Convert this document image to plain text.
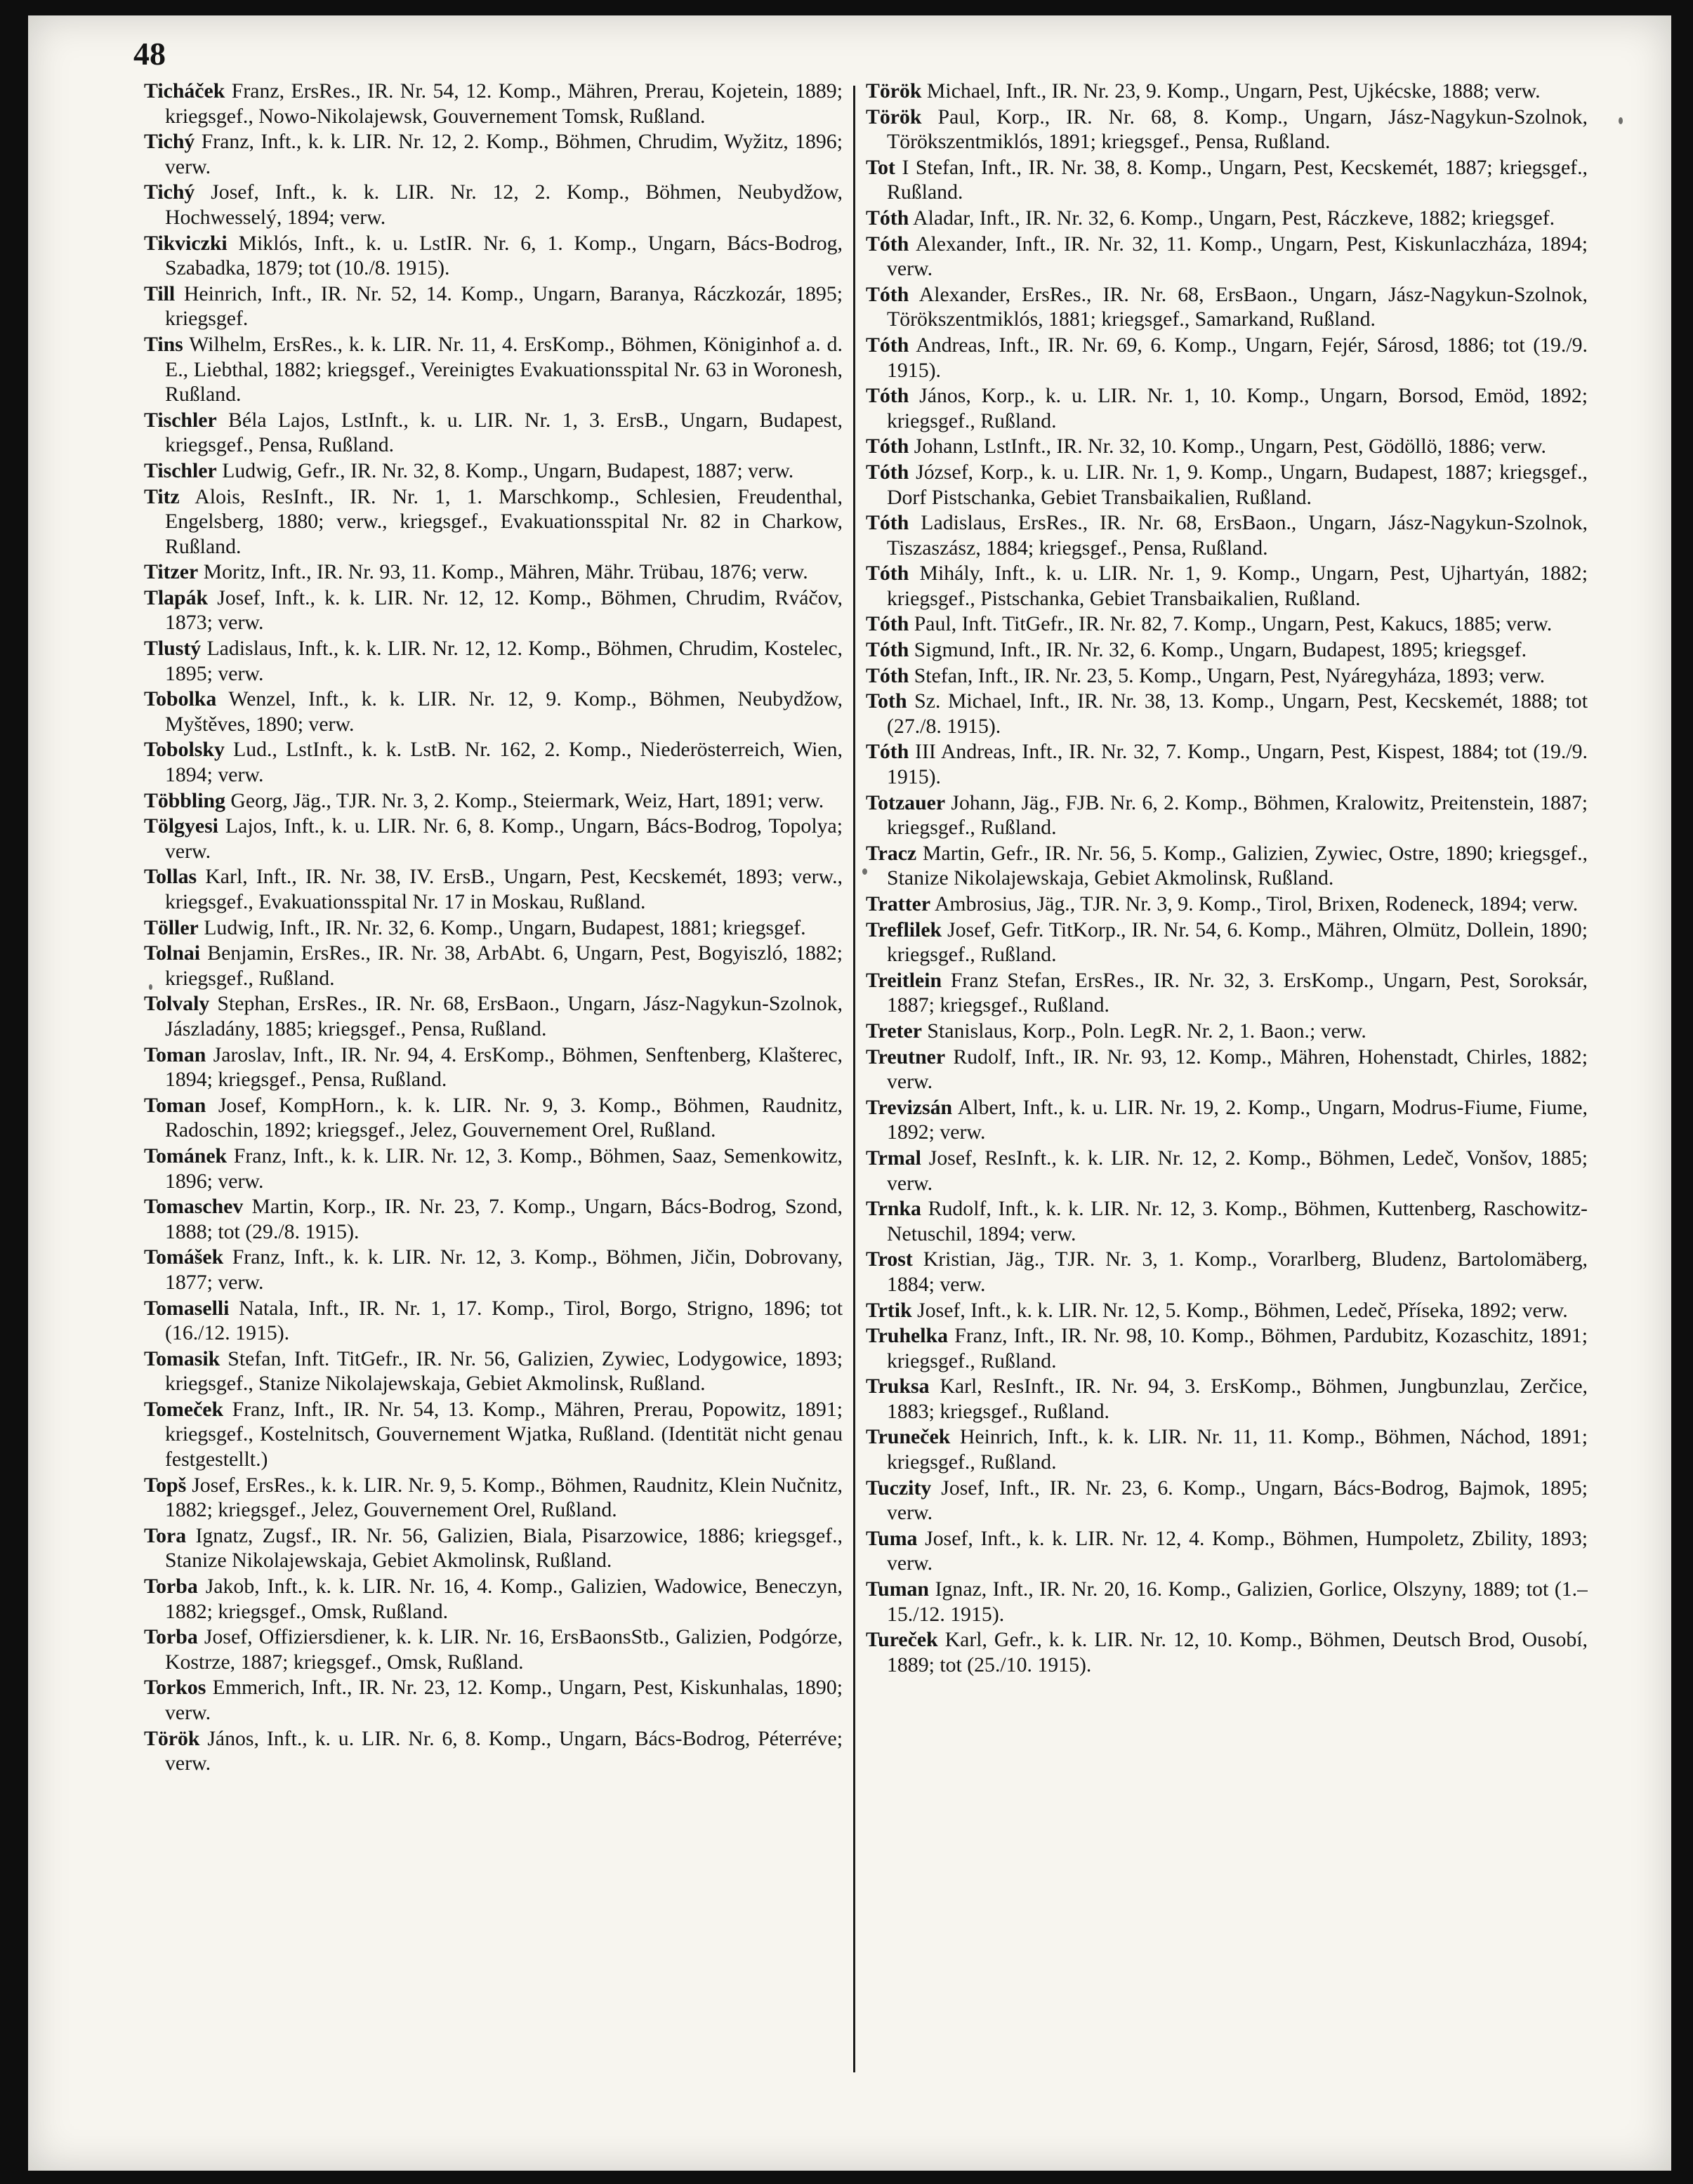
48

Ticháček Franz, ErsRes., IR. Nr. 54, 12. Komp., Mähren, Prerau, Kojetein, 1889; kriegsgef., Nowo-Nikolajewsk, Gouvernement Tomsk, Rußland.

Tichý Franz, Inft., k. k. LIR. Nr. 12, 2. Komp., Böhmen, Chrudim, Wyžitz, 1896; verw.

Tichý Josef, Inft., k. k. LIR. Nr. 12, 2. Komp., Böhmen, Neubydžow, Hochwesselý, 1894; verw.

Tikviczki Miklós, Inft., k. u. LstIR. Nr. 6, 1. Komp., Ungarn, Bács-Bodrog, Szabadka, 1879; tot (10./8. 1915).

Till Heinrich, Inft., IR. Nr. 52, 14. Komp., Ungarn, Baranya, Ráczkozár, 1895; kriegsgef.

Tins Wilhelm, ErsRes., k. k. LIR. Nr. 11, 4. ErsKomp., Böhmen, Königinhof a. d. E., Liebthal, 1882; kriegsgef., Vereinigtes Evakuationsspital Nr. 63 in Woronesh, Rußland.

Tischler Béla Lajos, LstInft., k. u. LIR. Nr. 1, 3. ErsB., Ungarn, Budapest, kriegsgef., Pensa, Rußland.

Tischler Ludwig, Gefr., IR. Nr. 32, 8. Komp., Ungarn, Budapest, 1887; verw.

Titz Alois, ResInft., IR. Nr. 1, 1. Marschkomp., Schlesien, Freudenthal, Engelsberg, 1880; verw., kriegsgef., Evakuationsspital Nr. 82 in Charkow, Rußland.

Titzer Moritz, Inft., IR. Nr. 93, 11. Komp., Mähren, Mähr. Trübau, 1876; verw.

Tlapák Josef, Inft., k. k. LIR. Nr. 12, 12. Komp., Böhmen, Chrudim, Rváčov, 1873; verw.

Tlustý Ladislaus, Inft., k. k. LIR. Nr. 12, 12. Komp., Böhmen, Chrudim, Kostelec, 1895; verw.

Tobolka Wenzel, Inft., k. k. LIR. Nr. 12, 9. Komp., Böhmen, Neubydžow, Myštěves, 1890; verw.

Tobolsky Lud., LstInft., k. k. LstB. Nr. 162, 2. Komp., Niederösterreich, Wien, 1894; verw.

Többling Georg, Jäg., TJR. Nr. 3, 2. Komp., Steiermark, Weiz, Hart, 1891; verw.

Tölgyesi Lajos, Inft., k. u. LIR. Nr. 6, 8. Komp., Ungarn, Bács-Bodrog, Topolya; verw.

Tollas Karl, Inft., IR. Nr. 38, IV. ErsB., Ungarn, Pest, Kecskemét, 1893; verw., kriegsgef., Evakuationsspital Nr. 17 in Moskau, Rußland.

Töller Ludwig, Inft., IR. Nr. 32, 6. Komp., Ungarn, Budapest, 1881; kriegsgef.

Tolnai Benjamin, ErsRes., IR. Nr. 38, ArbAbt. 6, Ungarn, Pest, Bogyiszló, 1882; kriegsgef., Rußland.

Tolvaly Stephan, ErsRes., IR. Nr. 68, ErsBaon., Ungarn, Jász-Nagykun-Szolnok, Jászladány, 1885; kriegsgef., Pensa, Rußland.

Toman Jaroslav, Inft., IR. Nr. 94, 4. ErsKomp., Böhmen, Senftenberg, Klašterec, 1894; kriegsgef., Pensa, Rußland.

Toman Josef, KompHorn., k. k. LIR. Nr. 9, 3. Komp., Böhmen, Raudnitz, Radoschin, 1892; kriegsgef., Jelez, Gouvernement Orel, Rußland.

Tománek Franz, Inft., k. k. LIR. Nr. 12, 3. Komp., Böhmen, Saaz, Semenkowitz, 1896; verw.

Tomaschev Martin, Korp., IR. Nr. 23, 7. Komp., Ungarn, Bács-Bodrog, Szond, 1888; tot (29./8. 1915).

Tomášek Franz, Inft., k. k. LIR. Nr. 12, 3. Komp., Böhmen, Jičin, Dobrovany, 1877; verw.

Tomaselli Natala, Inft., IR. Nr. 1, 17. Komp., Tirol, Borgo, Strigno, 1896; tot (16./12. 1915).

Tomasik Stefan, Inft. TitGefr., IR. Nr. 56, Galizien, Zywiec, Lodygowice, 1893; kriegsgef., Stanize Nikolajewskaja, Gebiet Akmolinsk, Rußland.

Tomeček Franz, Inft., IR. Nr. 54, 13. Komp., Mähren, Prerau, Popowitz, 1891; kriegsgef., Kostelnitsch, Gouvernement Wjatka, Rußland. (Identität nicht genau festgestellt.)

Topš Josef, ErsRes., k. k. LIR. Nr. 9, 5. Komp., Böhmen, Raudnitz, Klein Nučnitz, 1882; kriegsgef., Jelez, Gouvernement Orel, Rußland.

Tora Ignatz, Zugsf., IR. Nr. 56, Galizien, Biala, Pisarzowice, 1886; kriegsgef., Stanize Nikolajewskaja, Gebiet Akmolinsk, Rußland.

Torba Jakob, Inft., k. k. LIR. Nr. 16, 4. Komp., Galizien, Wadowice, Beneczyn, 1882; kriegsgef., Omsk, Rußland.

Torba Josef, Offiziersdiener, k. k. LIR. Nr. 16, ErsBaonsStb., Galizien, Podgórze, Kostrze, 1887; kriegsgef., Omsk, Rußland.

Torkos Emmerich, Inft., IR. Nr. 23, 12. Komp., Ungarn, Pest, Kiskunhalas, 1890; verw.

Török János, Inft., k. u. LIR. Nr. 6, 8. Komp., Ungarn, Bács-Bodrog, Péterréve; verw.

Török Michael, Inft., IR. Nr. 23, 9. Komp., Ungarn, Pest, Ujkécske, 1888; verw.

Török Paul, Korp., IR. Nr. 68, 8. Komp., Ungarn, Jász-Nagykun-Szolnok, Törökszentmiklós, 1891; kriegsgef., Pensa, Rußland.

Tot I Stefan, Inft., IR. Nr. 38, 8. Komp., Ungarn, Pest, Kecskemét, 1887; kriegsgef., Rußland.

Tóth Aladar, Inft., IR. Nr. 32, 6. Komp., Ungarn, Pest, Ráczkeve, 1882; kriegsgef.

Tóth Alexander, Inft., IR. Nr. 32, 11. Komp., Ungarn, Pest, Kiskunlaczháza, 1894; verw.

Tóth Alexander, ErsRes., IR. Nr. 68, ErsBaon., Ungarn, Jász-Nagykun-Szolnok, Törökszentmiklós, 1881; kriegsgef., Samarkand, Rußland.

Tóth Andreas, Inft., IR. Nr. 69, 6. Komp., Ungarn, Fejér, Sárosd, 1886; tot (19./9. 1915).

Tóth János, Korp., k. u. LIR. Nr. 1, 10. Komp., Ungarn, Borsod, Emöd, 1892; kriegsgef., Rußland.

Tóth Johann, LstInft., IR. Nr. 32, 10. Komp., Ungarn, Pest, Gödöllö, 1886; verw.

Tóth József, Korp., k. u. LIR. Nr. 1, 9. Komp., Ungarn, Budapest, 1887; kriegsgef., Dorf Pistschanka, Gebiet Transbaikalien, Rußland.

Tóth Ladislaus, ErsRes., IR. Nr. 68, ErsBaon., Ungarn, Jász-Nagykun-Szolnok, Tiszaszász, 1884; kriegsgef., Pensa, Rußland.

Tóth Mihály, Inft., k. u. LIR. Nr. 1, 9. Komp., Ungarn, Pest, Ujhartyán, 1882; kriegsgef., Pistschanka, Gebiet Transbaikalien, Rußland.

Tóth Paul, Inft. TitGefr., IR. Nr. 82, 7. Komp., Ungarn, Pest, Kakucs, 1885; verw.

Tóth Sigmund, Inft., IR. Nr. 32, 6. Komp., Ungarn, Budapest, 1895; kriegsgef.

Tóth Stefan, Inft., IR. Nr. 23, 5. Komp., Ungarn, Pest, Nyáregyháza, 1893; verw.

Toth Sz. Michael, Inft., IR. Nr. 38, 13. Komp., Ungarn, Pest, Kecskemét, 1888; tot (27./8. 1915).

Tóth III Andreas, Inft., IR. Nr. 32, 7. Komp., Ungarn, Pest, Kispest, 1884; tot (19./9. 1915).

Totzauer Johann, Jäg., FJB. Nr. 6, 2. Komp., Böhmen, Kralowitz, Preitenstein, 1887; kriegsgef., Rußland.

Tracz Martin, Gefr., IR. Nr. 56, 5. Komp., Galizien, Zywiec, Ostre, 1890; kriegsgef., Stanize Nikolajewskaja, Gebiet Akmolinsk, Rußland.

Tratter Ambrosius, Jäg., TJR. Nr. 3, 9. Komp., Tirol, Brixen, Rodeneck, 1894; verw.

Treflilek Josef, Gefr. TitKorp., IR. Nr. 54, 6. Komp., Mähren, Olmütz, Dollein, 1890; kriegsgef., Rußland.

Treitlein Franz Stefan, ErsRes., IR. Nr. 32, 3. ErsKomp., Ungarn, Pest, Soroksár, 1887; kriegsgef., Rußland.

Treter Stanislaus, Korp., Poln. LegR. Nr. 2, 1. Baon.; verw.

Treutner Rudolf, Inft., IR. Nr. 93, 12. Komp., Mähren, Hohenstadt, Chirles, 1882; verw.

Trevizsán Albert, Inft., k. u. LIR. Nr. 19, 2. Komp., Ungarn, Modrus-Fiume, Fiume, 1892; verw.

Trmal Josef, ResInft., k. k. LIR. Nr. 12, 2. Komp., Böhmen, Ledeč, Vonšov, 1885; verw.

Trnka Rudolf, Inft., k. k. LIR. Nr. 12, 3. Komp., Böhmen, Kuttenberg, Raschowitz-Netuschil, 1894; verw.

Trost Kristian, Jäg., TJR. Nr. 3, 1. Komp., Vorarlberg, Bludenz, Bartolomäberg, 1884; verw.

Trtik Josef, Inft., k. k. LIR. Nr. 12, 5. Komp., Böhmen, Ledeč, Příseka, 1892; verw.

Truhelka Franz, Inft., IR. Nr. 98, 10. Komp., Böhmen, Pardubitz, Kozaschitz, 1891; kriegsgef., Rußland.

Truksa Karl, ResInft., IR. Nr. 94, 3. ErsKomp., Böhmen, Jungbunzlau, Zerčice, 1883; kriegsgef., Rußland.

Truneček Heinrich, Inft., k. k. LIR. Nr. 11, 11. Komp., Böhmen, Náchod, 1891; kriegsgef., Rußland.

Tuczity Josef, Inft., IR. Nr. 23, 6. Komp., Ungarn, Bács-Bodrog, Bajmok, 1895; verw.

Tuma Josef, Inft., k. k. LIR. Nr. 12, 4. Komp., Böhmen, Humpoletz, Zbility, 1893; verw.

Tuman Ignaz, Inft., IR. Nr. 20, 16. Komp., Galizien, Gorlice, Olszyny, 1889; tot (1.–15./12. 1915).

Tureček Karl, Gefr., k. k. LIR. Nr. 12, 10. Komp., Böhmen, Deutsch Brod, Ousobí, 1889; tot (25./10. 1915).
